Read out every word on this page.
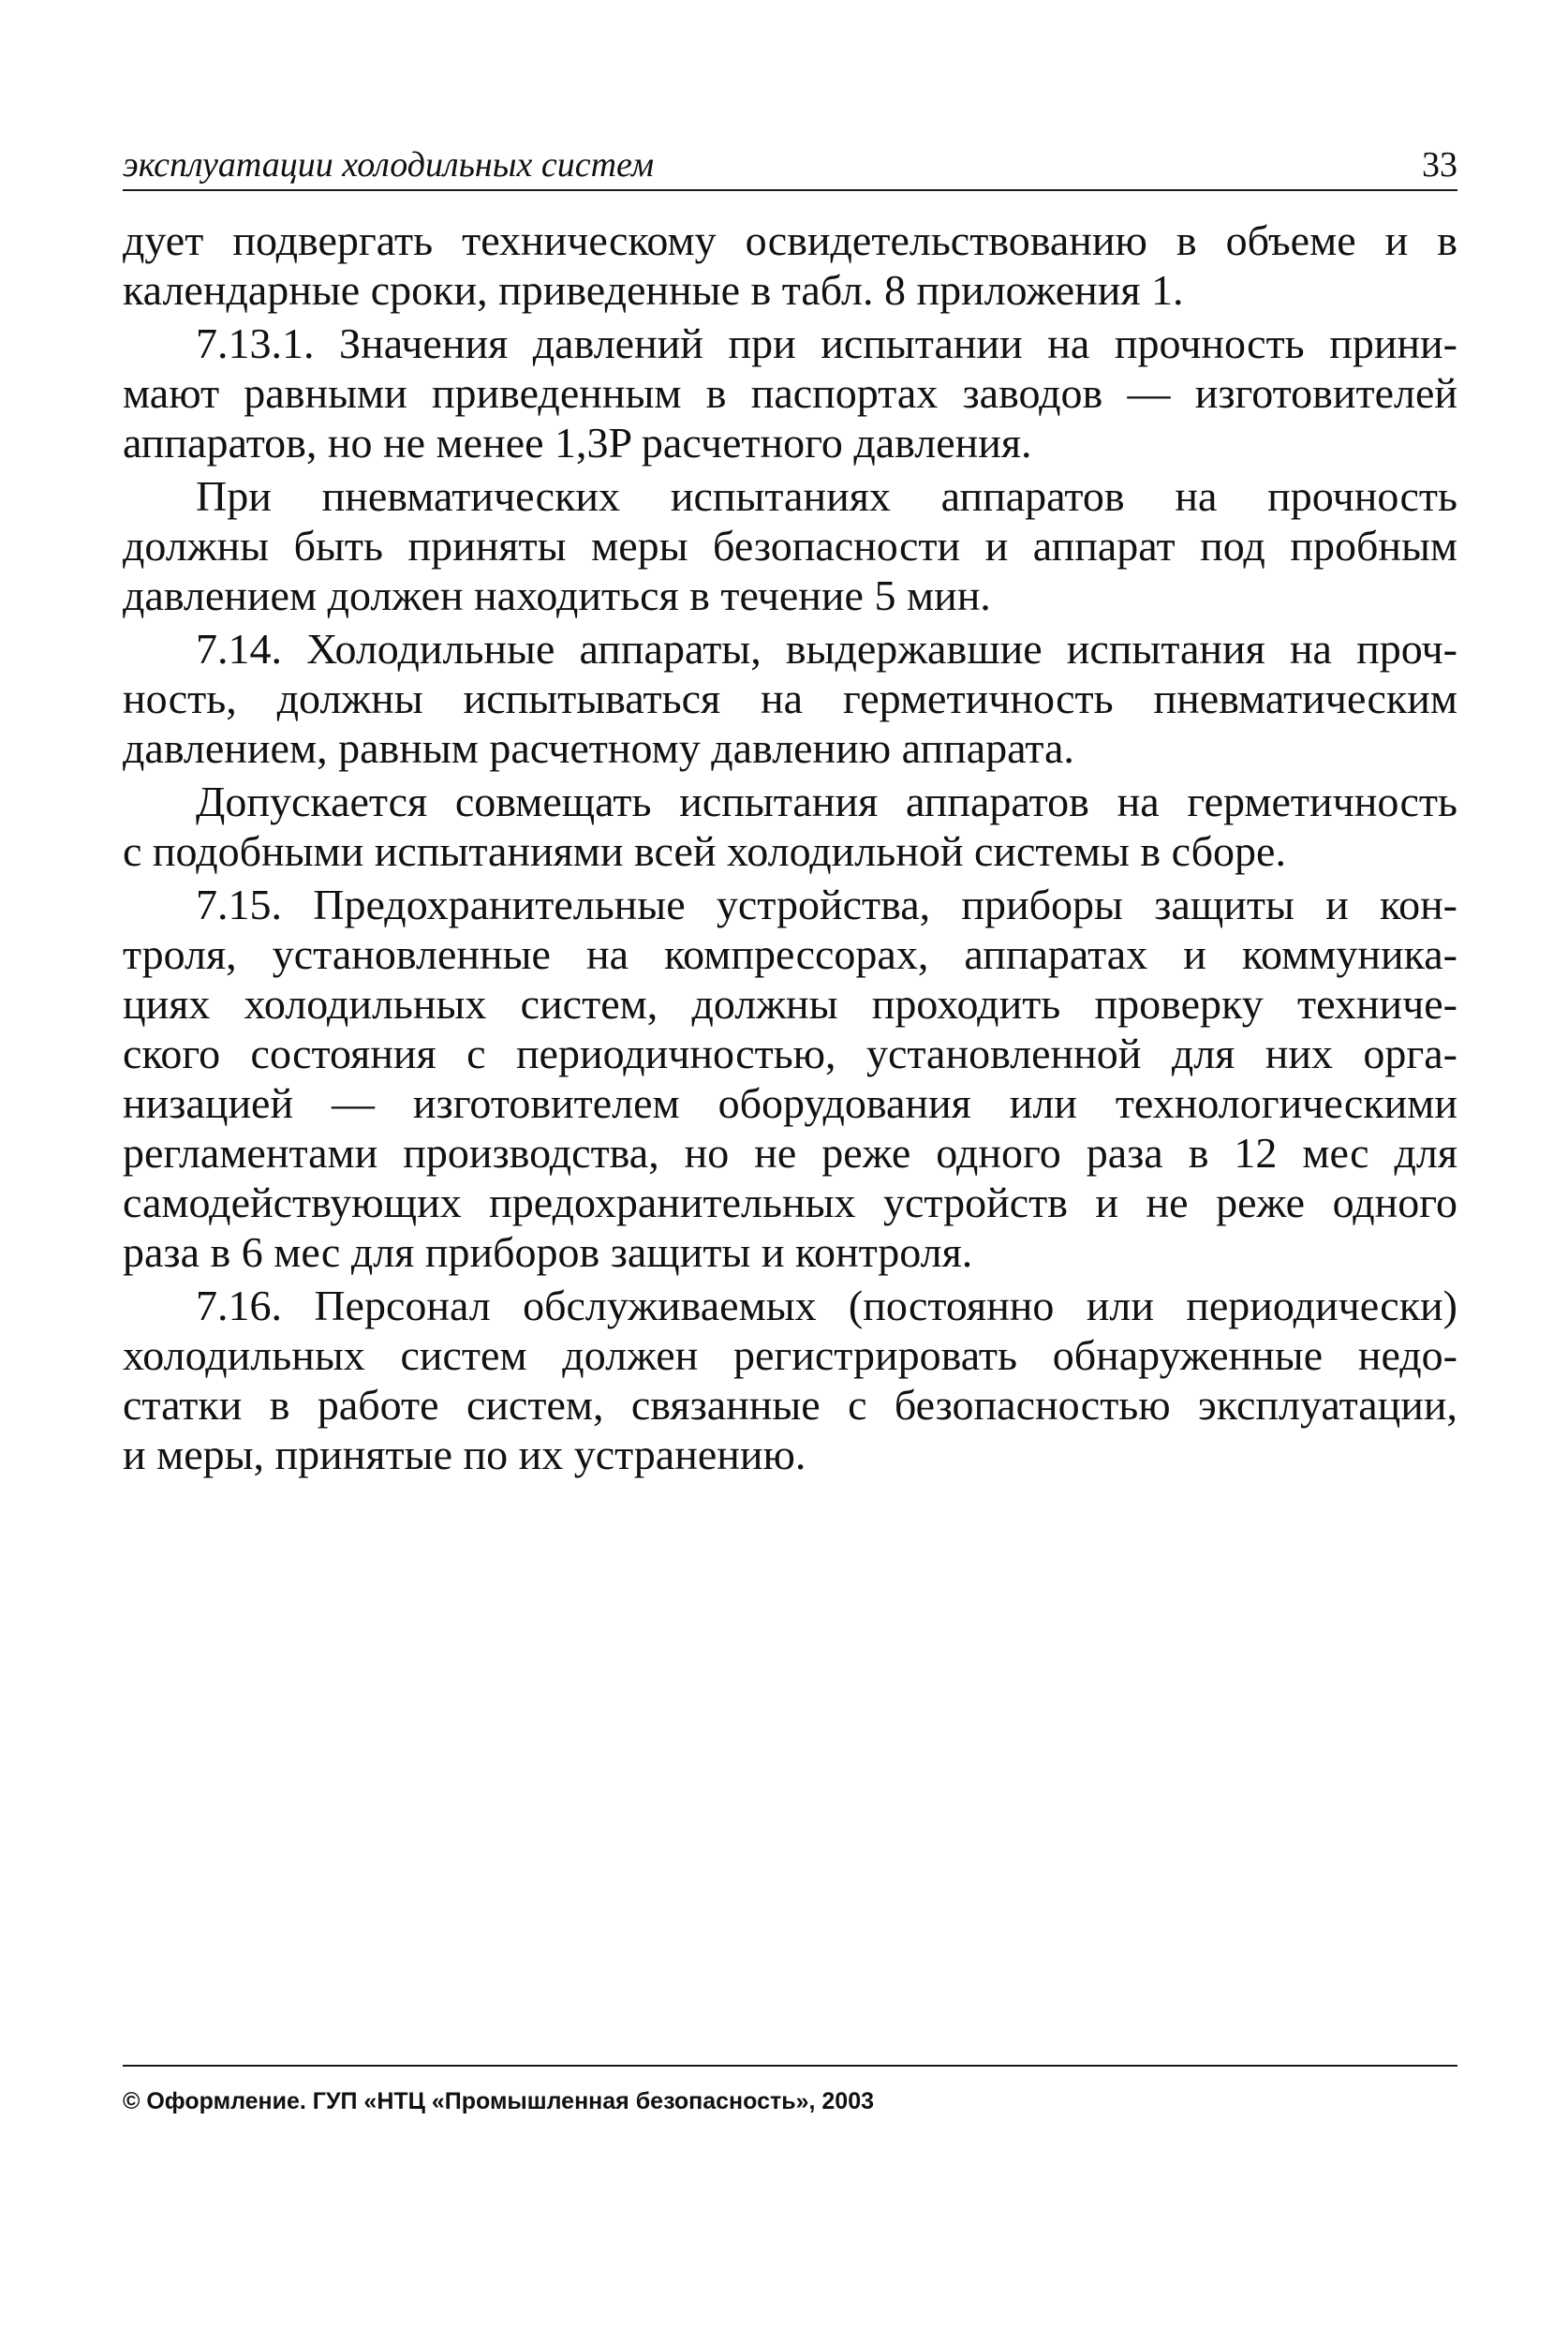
эксплуатации холодильных систем	33

дует подвергать техническому освидетельствованию в объеме и в
календарные сроки, приведенные в табл. 8 приложения 1.

7.13.1. Значения давлений при испытании на прочность прини-
мают равными приведенным в паспортах заводов — изготовителей
аппаратов, но не менее 1,3P расчетного давления.

При пневматических испытаниях аппаратов на прочность
должны быть приняты меры безопасности и аппарат под пробным
давлением должен находиться в течение 5 мин.

7.14. Холодильные аппараты, выдержавшие испытания на проч-
ность, должны испытываться на герметичность пневматическим
давлением, равным расчетному давлению аппарата.

Допускается совмещать испытания аппаратов на герметичность
с подобными испытаниями всей холодильной системы в сборе.

7.15. Предохранительные устройства, приборы защиты и кон-
троля, установленные на компрессорах, аппаратах и коммуника-
циях холодильных систем, должны проходить проверку техниче-
ского состояния с периодичностью, установленной для них орга-
низацией — изготовителем оборудования или технологическими
регламентами производства, но не реже одного раза в 12 мес для
самодействующих предохранительных устройств и не реже одного
раза в 6 мес для приборов защиты и контроля.

7.16. Персонал обслуживаемых (постоянно или периодически)
холодильных систем должен регистрировать обнаруженные недо-
статки в работе систем, связанные с безопасностью эксплуатации,
и меры, принятые по их устранению.

© Оформление. ГУП «НТЦ «Промышленная безопасность», 2003
